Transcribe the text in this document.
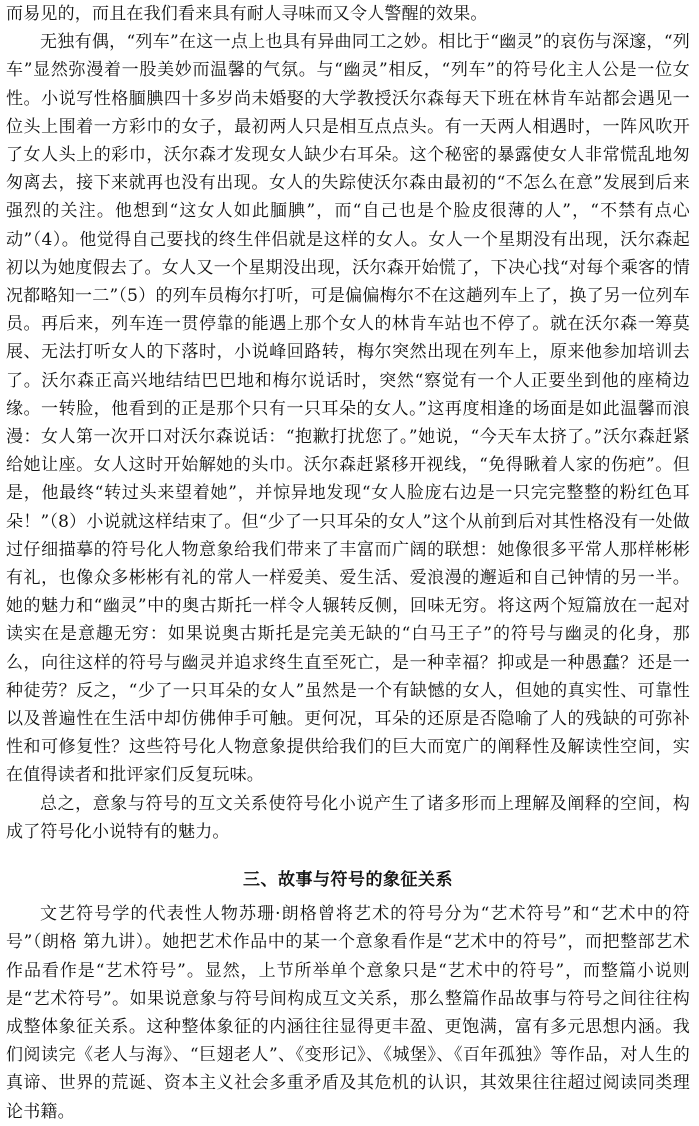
而易见的，而且在我们看来具有耐人寻味而又令人警醒的效果。

无独有偶，“列车”在这一点上也具有异曲同工之妙。相比于“幽灵”的哀伤与深邃，“列车”显然弥漫着一股美妙而温馨的气氛。与“幽灵”相反，“列车”的符号化主人公是一位女性。小说写性格腼腆四十多岁尚未婚娶的大学教授沃尔森每天下班在林肯车站都会遇见一位头上围着一方彩巾的女子，最初两人只是相互点点头。有一天两人相遇时，一阵风吹开了女人头上的彩巾，沃尔森才发现女人缺少右耳朵。这个秘密的暴露使女人非常慌乱地匆匆离去，接下来就再也没有出现。女人的失踪使沃尔森由最初的“不怎么在意”发展到后来强烈的关注。他想到“这女人如此腼腆”，而“自己也是个脸皮很薄的人”，“不禁有点心动”（4）。他觉得自己要找的终生伴侣就是这样的女人。女人一个星期没有出现，沃尔森起初以为她度假去了。女人又一个星期没出现，沃尔森开始慌了，下决心找“对每个乘客的情况都略知一二”（5）的列车员梅尔打听，可是偏偏梅尔不在这趟列车上了，换了另一位列车员。再后来，列车连一贯停靠的能遇上那个女人的林肯车站也不停了。就在沃尔森一筹莫展、无法打听女人的下落时，小说峰回路转，梅尔突然出现在列车上，原来他参加培训去了。沃尔森正高兴地结结巴巴地和梅尔说话时，突然“察觉有一个人正要坐到他的座椅边缘。一转脸，他看到的正是那个只有一只耳朵的女人。”这再度相逢的场面是如此温馨而浪漫：女人第一次开口对沃尔森说话：“抱歉打扰您了。”她说，“今天车太挤了。”沃尔森赶紧给她让座。女人这时开始解她的头巾。沃尔森赶紧移开视线，“免得瞅着人家的伤疤”。但是，他最终“转过头来望着她”，并惊异地发现“女人脸庞右边是一只完完整整的粉红色耳朵！”（8）小说就这样结束了。但“少了一只耳朵的女人”这个从前到后对其性格没有一处做过仔细描摹的符号化人物意象给我们带来了丰富而广阔的联想：她像很多平常人那样彬彬有礼，也像众多彬彬有礼的常人一样爱美、爱生活、爱浪漫的邂逅和自己钟情的另一半。她的魅力和“幽灵”中的奥古斯托一样令人辗转反侧，回味无穷。将这两个短篇放在一起对读实在是意趣无穷：如果说奥古斯托是完美无缺的“白马王子”的符号与幽灵的化身，那么，向往这样的符号与幽灵并追求终生直至死亡，是一种幸福？抑或是一种愚蠢？还是一种徒劳？反之，“少了一只耳朵的女人”虽然是一个有缺憾的女人，但她的真实性、可靠性以及普遍性在生活中却仿佛伸手可触。更何况，耳朵的还原是否隐喻了人的残缺的可弥补性和可修复性？这些符号化人物意象提供给我们的巨大而宽广的阐释性及解读性空间，实在值得读者和批评家们反复玩味。

总之，意象与符号的互文关系使符号化小说产生了诸多形而上理解及阐释的空间，构成了符号化小说特有的魅力。

三、故事与符号的象征关系

文艺符号学的代表性人物苏珊·朗格曾将艺术的符号分为“艺术符号”和“艺术中的符号”（朗格 第九讲）。她把艺术作品中的某一个意象看作是“艺术中的符号”，而把整部艺术作品看作是“艺术符号”。显然，上节所举单个意象只是“艺术中的符号”，而整篇小说则是“艺术符号”。如果说意象与符号间构成互文关系，那么整篇作品故事与符号之间往往构成整体象征关系。这种整体象征的内涵往往显得更丰盈、更饱满，富有多元思想内涵。我们阅读完《老人与海》、“巨翅老人”、《变形记》、《城堡》、《百年孤独》等作品，对人生的真谛、世界的荒诞、资本主义社会多重矛盾及其危机的认识，其效果往往超过阅读同类理论书籍。
